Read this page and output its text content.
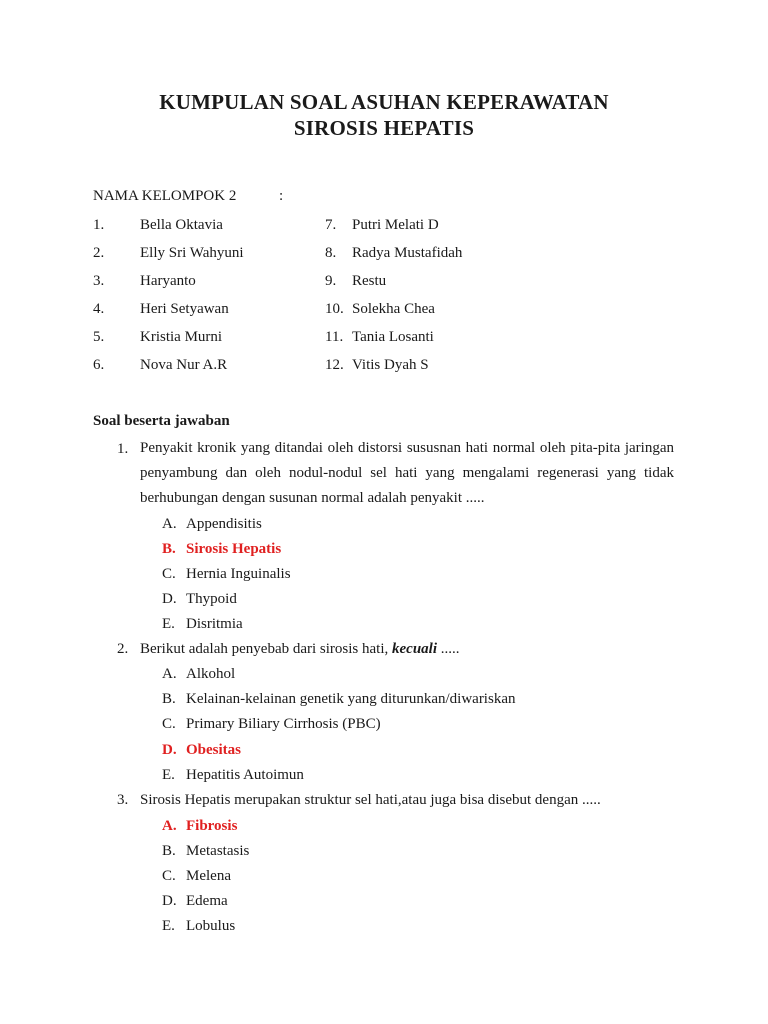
KUMPULAN SOAL ASUHAN KEPERAWATAN
SIROSIS HEPATIS
NAMA KELOMPOK 2	:
1. Bella Oktavia
2. Elly Sri Wahyuni
3. Haryanto
4. Heri Setyawan
5. Kristia Murni
6. Nova Nur A.R
7. Putri Melati D
8. Radya Mustafidah
9. Restu
10. Solekha Chea
11. Tania Losanti
12. Vitis Dyah S
Soal beserta jawaban
1. Penyakit kronik yang ditandai oleh distorsi sususnan hati normal oleh pita-pita jaringan penyambung dan oleh nodul-nodul sel hati yang mengalami regenerasi yang tidak berhubungan dengan susunan normal adalah penyakit .....
A. Appendisitis
B. Sirosis Hepatis
C. Hernia Inguinalis
D. Thypoid
E. Disritmia
2. Berikut adalah penyebab dari sirosis hati, kecuali .....
A. Alkohol
B. Kelainan-kelainan genetik yang diturunkan/diwariskan
C. Primary Biliary Cirrhosis (PBC)
D. Obesitas
E. Hepatitis Autoimun
3. Sirosis Hepatis merupakan struktur sel hati,atau juga bisa disebut dengan .....
A. Fibrosis
B. Metastasis
C. Melena
D. Edema
E. Lobulus
